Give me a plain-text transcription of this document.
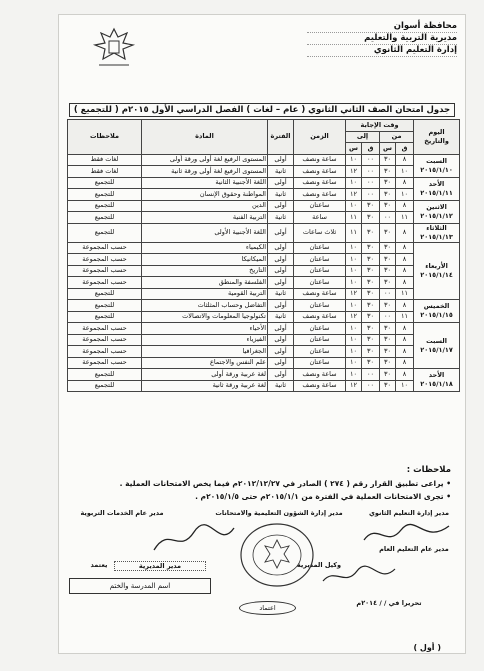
محافظة أسوان
مديرية التربية والتعليم
إدارة التعليم الثانوي
جدول امتحان الصف الثاني الثانوي ( عام – لغات ) الفصل الدراسي الأول ٢٠١٥م ( للتجميع )
اليوم والتاريخ	وقت الإجابة				الزمن	الفترة	المادة	ملاحظات
	من		إلى					
	ق	س	ق	س				
السبت ٢٠١٥/١/١٠	٨	٣٠	٠٠	١٠	ساعة ونصف	أولى	المستوى الرفيع لغة أولى ورقة أولى	لغات فقط
	١٠	٣٠	٠٠	١٢	ساعة ونصف	ثانية	المستوى الرفيع لغة أولى ورقة ثانية	لغات فقط
الأحد ٢٠١٥/١/١١	٨	٣٠	٠٠	١٠	ساعة ونصف	أولى	اللغة الأجنبية الثانية	للتجميع
	١٠	٣٠	٠٠	١٢	ساعة ونصف	ثانية	المواطنة وحقوق الإنسان	للتجميع
الاثنين ٢٠١٥/١/١٢	٨	٣٠	٣٠	١٠	ساعتان	أولى	الدين	للتجميع
	١١	٠٠	٣٠	١١	ساعة	ثانية	التربية الفنية	للتجميع
الثلاثاء ٢٠١٥/١/١٣	٨	٣٠	٣٠	١١	ثلاث ساعات	أولى	اللغة الأجنبية الأولى	للتجميع
الأربعاء ٢٠١٥/١/١٤	٨	٣٠	٣٠	١٠	ساعتان	أولى	الكيمياء	حسب المجموعة
	٨	٣٠	٣٠	١٠	ساعتان	أولى	الميكانيكا	حسب المجموعة
	٨	٣٠	٣٠	١٠	ساعتان	أولى	التاريخ	حسب المجموعة
	٨	٣٠	٣٠	١٠	ساعتان	أولى	الفلسفة والمنطق	حسب المجموعة
	١١	٠٠	٣٠	١٢	ساعة ونصف	ثانية	التربية القومية	للتجميع
الخميس ٢٠١٥/١/١٥	٨	٣٠	٣٠	١٠	ساعتان	أولى	التفاضل وحساب المثلثات	للتجميع
	١١	٠٠	٣٠	١٢	ساعة ونصف	ثانية	تكنولوجيا المعلومات والاتصالات	للتجميع
السبت ٢٠١٥/١/١٧	٨	٣٠	٣٠	١٠	ساعتان	أولى	الأحياء	حسب المجموعة
	٨	٣٠	٣٠	١٠	ساعتان	أولى	الفيزياء	حسب المجموعة
	٨	٣٠	٣٠	١٠	ساعتان	أولى	الجغرافيا	حسب المجموعة
	٨	٣٠	٣٠	١٠	ساعتان	أولى	علم النفس والاجتماع	حسب المجموعة
الأحد ٢٠١٥/١/١٨	٨	٣٠	٠٠	١٠	ساعة ونصف	أولى	لغة عربية ورقة أولى	للتجميع
	١٠	٣٠	٠٠	١٢	ساعة ونصف	ثانية	لغة عربية ورقة ثانية	للتجميع
ملاحظات :
• يراعى تطبيق القرار رقم ( ٢٧٤ ) الصادر في ٢٠١٢/١٢/٢٧م فيما يخص الامتحانات العملية .
• تجرى الامتحانات العملية في الفترة من ٢٠١٥/١/١م حتى ٢٠١٥/١/٥م .
مدير عام الخدمات التربوية	مدير إدارة الشؤون التعليمية والامتحانات	مدير إدارة التعليم الثانوي
وكيل المديرية
يعتمد	مدير المديرية
مدير عام التعليم العام
اسم المدرسة والختم
اعتماد
تحريرا في / / ٢٠١٤م
( أول )
